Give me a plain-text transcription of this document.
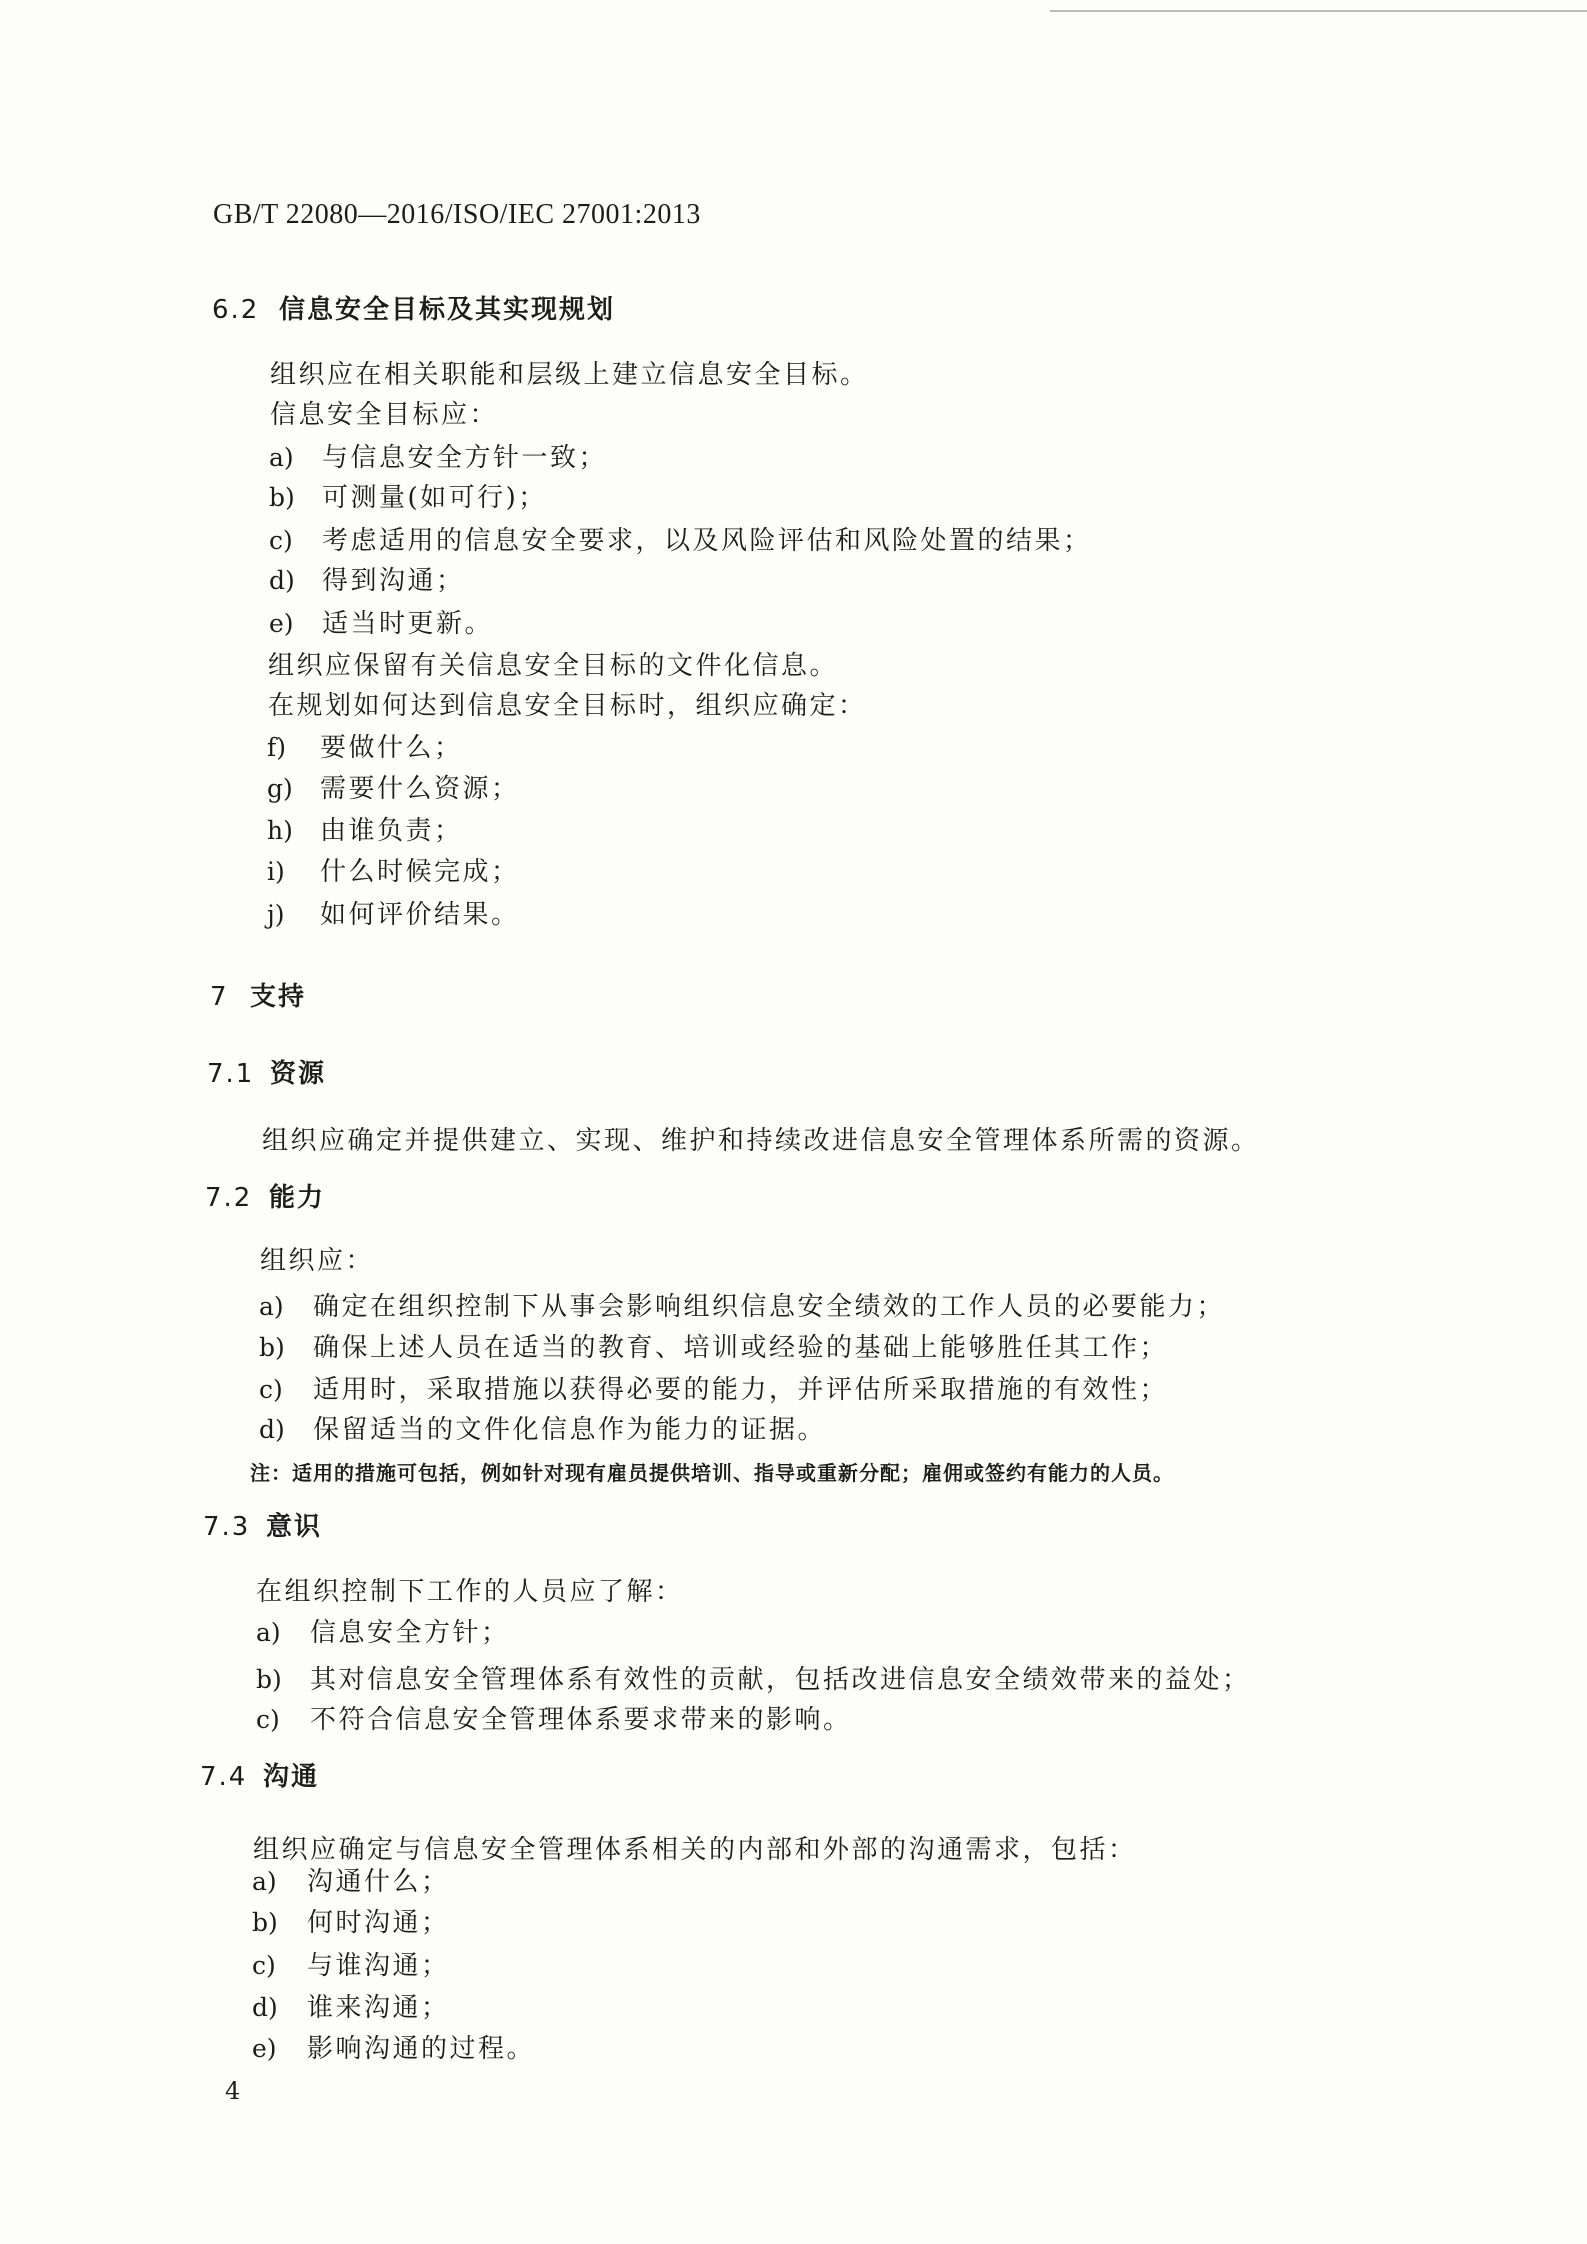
GB/T 22080—2016/ISO/IEC 27001:2013
6.2 信息安全目标及其实现规划
组织应在相关职能和层级上建立信息安全目标。
信息安全目标应：
a) 与信息安全方针一致；
b) 可测量(如可行)；
c) 考虑适用的信息安全要求，以及风险评估和风险处置的结果；
d) 得到沟通；
e) 适当时更新。
组织应保留有关信息安全目标的文件化信息。
在规划如何达到信息安全目标时，组织应确定：
f) 要做什么；
g) 需要什么资源；
h) 由谁负责；
i) 什么时候完成；
j) 如何评价结果。
7 支持
7.1 资源
组织应确定并提供建立、实现、维护和持续改进信息安全管理体系所需的资源。
7.2 能力
组织应：
a) 确定在组织控制下从事会影响组织信息安全绩效的工作人员的必要能力；
b) 确保上述人员在适当的教育、培训或经验的基础上能够胜任其工作；
c) 适用时，采取措施以获得必要的能力，并评估所采取措施的有效性；
d) 保留适当的文件化信息作为能力的证据。
注：适用的措施可包括，例如针对现有雇员提供培训、指导或重新分配；雇佣或签约有能力的人员。
7.3 意识
在组织控制下工作的人员应了解：
a) 信息安全方针；
b) 其对信息安全管理体系有效性的贡献，包括改进信息安全绩效带来的益处；
c) 不符合信息安全管理体系要求带来的影响。
7.4 沟通
组织应确定与信息安全管理体系相关的内部和外部的沟通需求，包括：
a) 沟通什么；
b) 何时沟通；
c) 与谁沟通；
d) 谁来沟通；
e) 影响沟通的过程。
4
